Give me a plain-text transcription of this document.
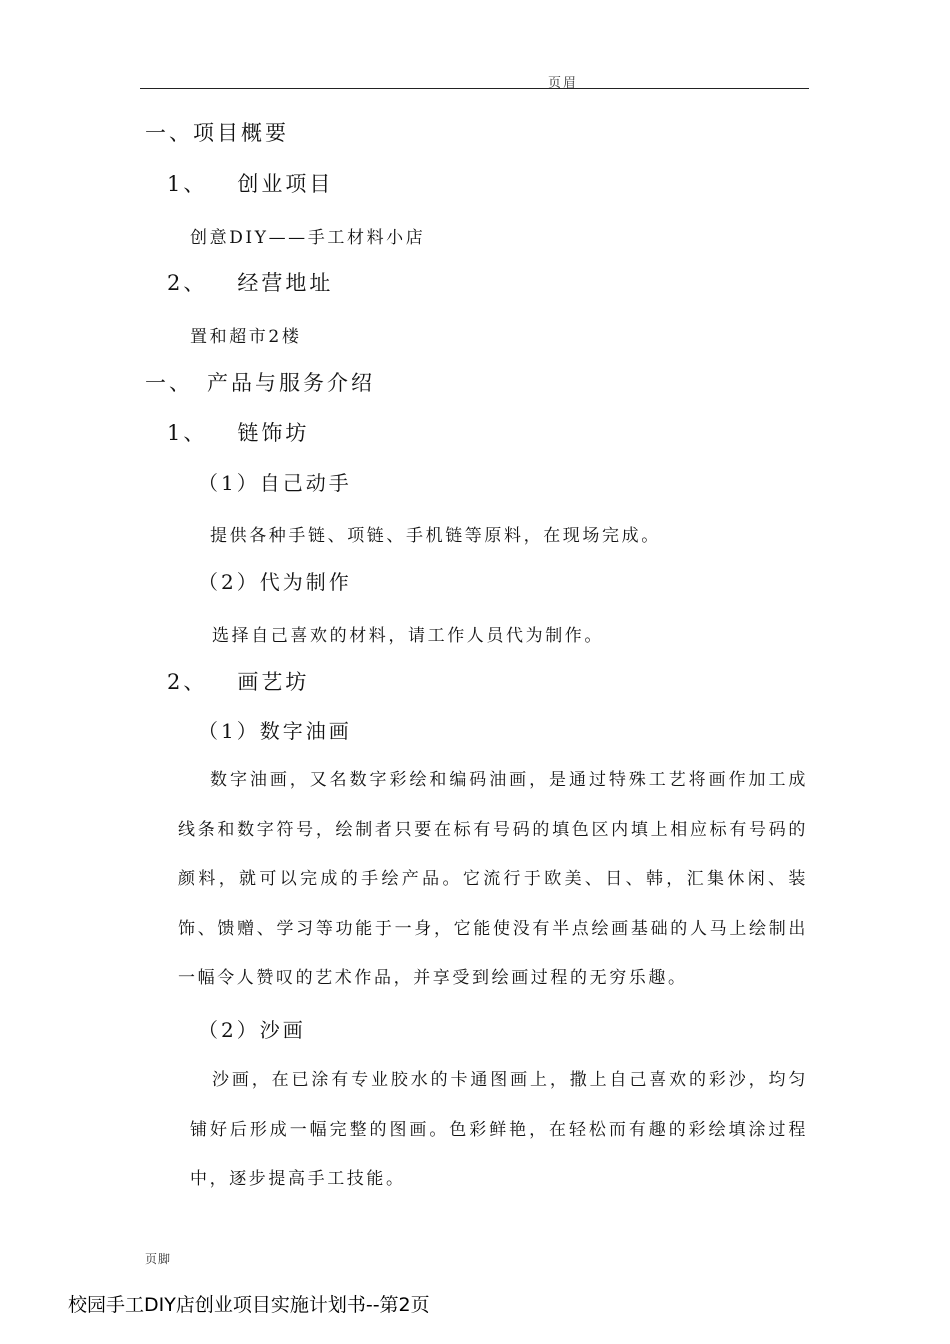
页眉
一、项目概要
1、 创业项目
创意DIY——手工材料小店
2、 经营地址
置和超市2楼
一、 产品与服务介绍
1、 链饰坊
（1）自己动手
提供各种手链、项链、手机链等原料，在现场完成。
（2）代为制作
选择自己喜欢的材料，请工作人员代为制作。
2、 画艺坊
（1）数字油画
数字油画，又名数字彩绘和编码油画，是通过特殊工艺将画作加工成线条和数字符号，绘制者只要在标有号码的填色区内填上相应标有号码的颜料，就可以完成的手绘产品。它流行于欧美、日、韩，汇集休闲、装饰、馈赠、学习等功能于一身，它能使没有半点绘画基础的人马上绘制出一幅令人赞叹的艺术作品，并享受到绘画过程的无穷乐趣。
（2）沙画
沙画，在已涂有专业胶水的卡通图画上，撒上自己喜欢的彩沙，均匀铺好后形成一幅完整的图画。色彩鲜艳，在轻松而有趣的彩绘填涂过程中，逐步提高手工技能。
页脚
校园手工DIY店创业项目实施计划书--第2页
